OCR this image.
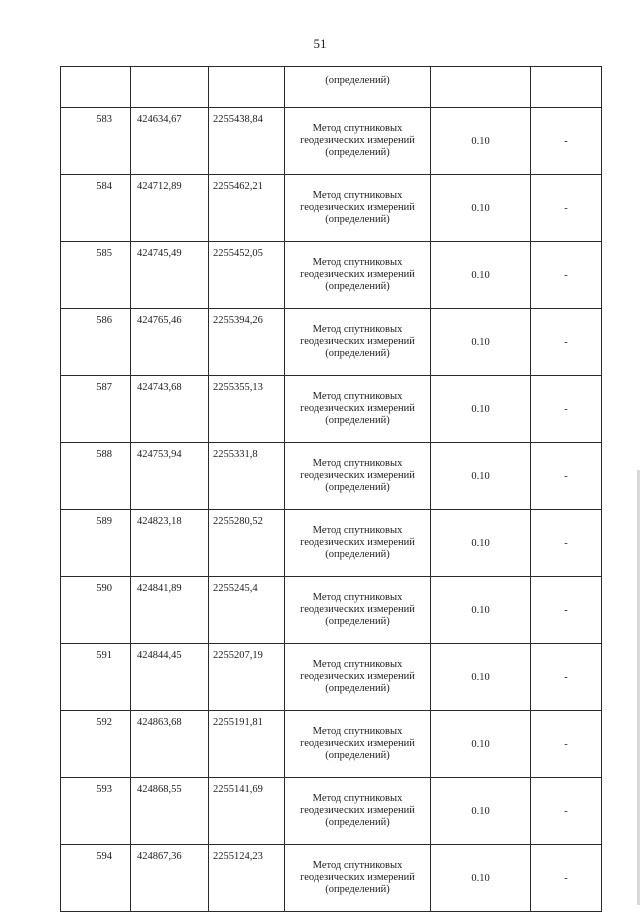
51

			(определений)		

583	424634,67	2255438,84	Метод спутниковых
геодезических измерений
(определений)	0.10	-
584	424712,89	2255462,21	Метод спутниковых
геодезических измерений
(определений)	0.10	-
585	424745,49	2255452,05	Метод спутниковых
геодезических измерений
(определений)	0.10	-
586	424765,46	2255394,26	Метод спутниковых
геодезических измерений
(определений)	0.10	-
587	424743,68	2255355,13	Метод спутниковых
геодезических измерений
(определений)	0.10	-
588	424753,94	2255331,8	Метод спутниковых
геодезических измерений
(определений)	0.10	-
589	424823,18	2255280,52	Метод спутниковых
геодезических измерений
(определений)	0.10	-
590	424841,89	2255245,4	Метод спутниковых
геодезических измерений
(определений)	0.10	-
591	424844,45	2255207,19	Метод спутниковых
геодезических измерений
(определений)	0.10	-
592	424863,68	2255191,81	Метод спутниковых
геодезических измерений
(определений)	0.10	-
593	424868,55	2255141,69	Метод спутниковых
геодезических измерений
(определений)	0.10	-
594	424867,36	2255124,23	Метод спутниковых
геодезических измерений
(определений)	0.10	-
